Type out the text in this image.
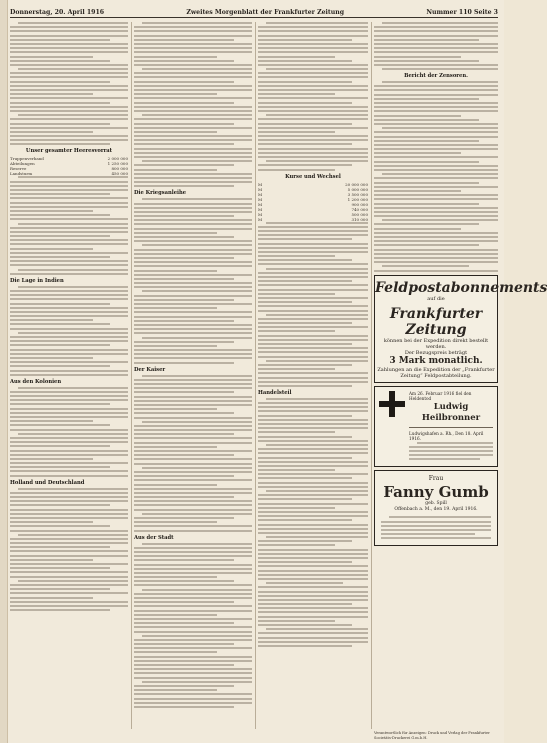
Donnerstag, 20. April 1916	Zweites Morgenblatt der Frankfurter Zeitung	Nummer 110 Seite 3
Unser gesamter Heeresvorrat
Truppenverband	2 000 000
Abteilungen	1 250 000
Reserve	800 000
Landsturm	450 000
Die Lage in Indien
Aus den Kolonien
Holland und Deutschland
Die Kriegsanleihe
Der Kaiser
Aus der Stadt
Kurse und Wechsel
M	20 000 000
M	5 000 000
M	3 500 000
M	1 200 000
M	900 000
M	740 000
M	500 000
M	310 000
Handelsteil
Bericht der Zensoren.
Feldpostabonnements
auf die
Frankfurter Zeitung
können bei der Expedition direkt bestellt werden.
Der Bezugspreis beträgt
3 Mark monatlich.
Zahlungen an die Expedition der „Frankfurter Zeitung“ Feldpostabteilung.
Am 26. Februar 1916 fiel den Heldentod
Ludwig Heilbronner
Ludwigshafen a. Rh., Den 18. April 1916.
Frau
Fanny Gumb
geb. Spill
Offenbach a. M., den 19. April 1916.
Verantwortlich für Anzeigen: Druck und Verlag der Frankfurter Societäts-Druckerei G.m.b.H.
